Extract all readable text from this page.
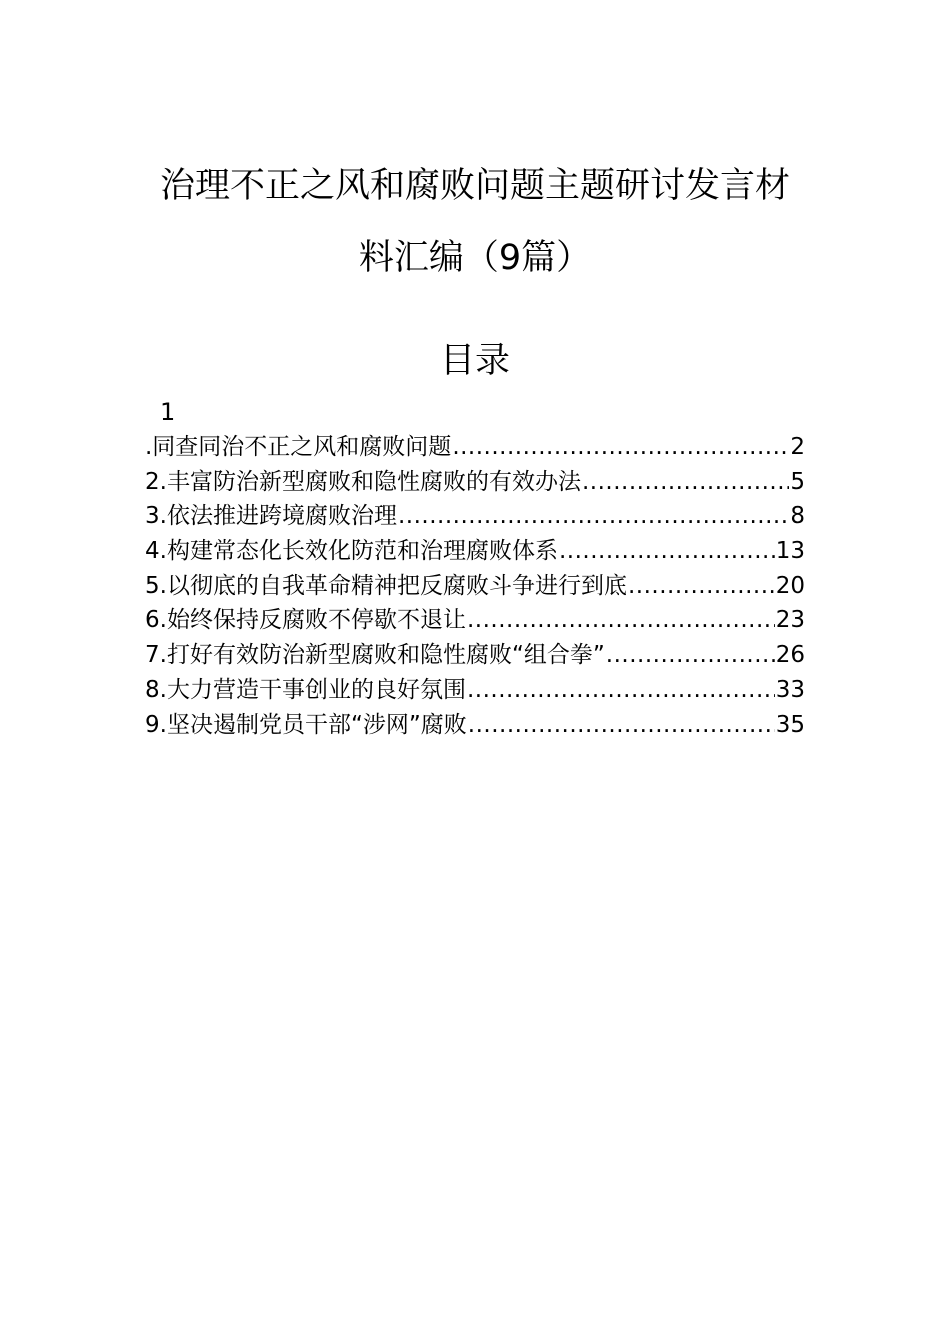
治理不正之风和腐败问题主题研讨发言材
料汇编（9篇）
目录
1
.同查同治不正之风和腐败问题 .....	2
2.丰富防治新型腐败和隐性腐败的有效办法 .....	5
3.依法推进跨境腐败治理 .....	8
4.构建常态化长效化防范和治理腐败体系 .....	13
5.以彻底的自我革命精神把反腐败斗争进行到底 .....	20
6.始终保持反腐败不停歇不退让 .....	23
7.打好有效防治新型腐败和隐性腐败“组合拳” .....	26
8.大力营造干事创业的良好氛围 .....	33
9.坚决遏制党员干部“涉网”腐败 .....	35
